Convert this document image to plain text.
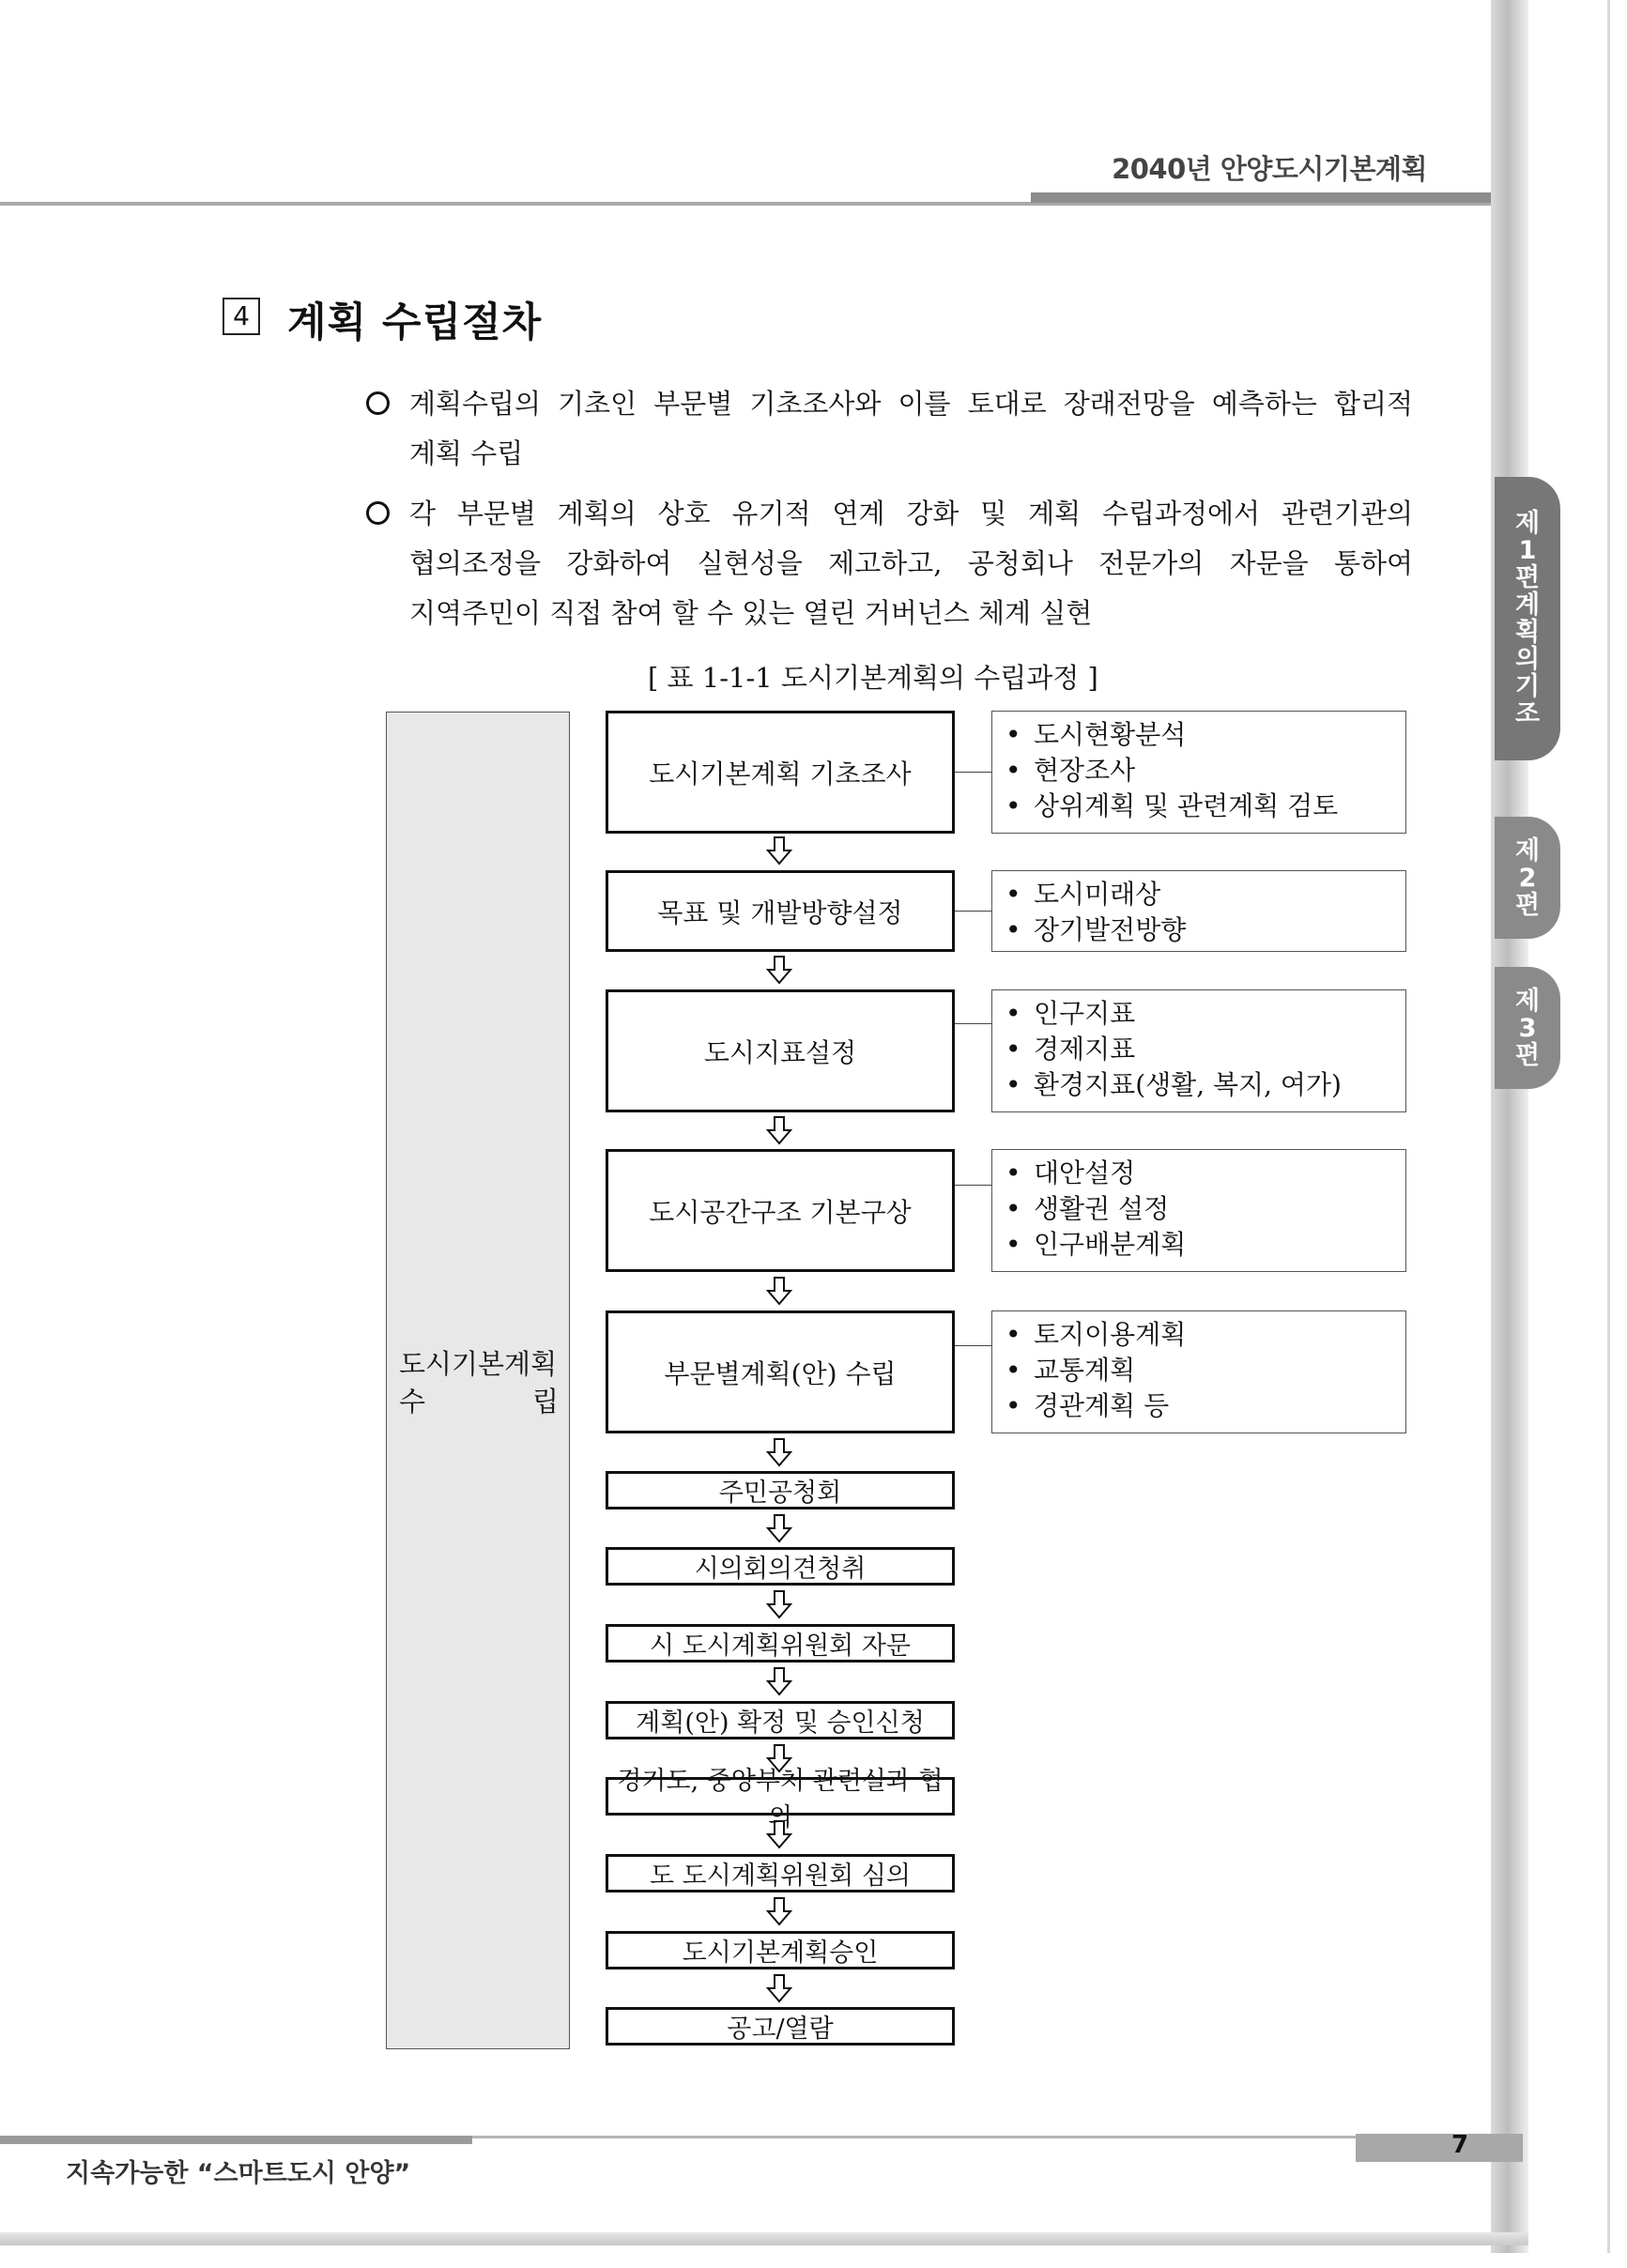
2040년 안양도시기본계획
4 계획 수립절차
계획수립의 기초인 부문별 기초조사와 이를 토대로 장래전망을 예측하는 합리적
계획 수립
각 부문별 계획의 상호 유기적 연계 강화 및 계획 수립과정에서 관련기관의
협의조정을 강화하여 실현성을 제고하고, 공청회나 전문가의 자문을 통하여
지역주민이 직접 참여 할 수 있는 열린 거버넌스 체계 실현
[ 표 1-1-1 도시기본계획의 수립과정 ]
도시기본계획
수	립
도시기본계획 기초조사
목표 및 개발방향설정
도시지표설정
도시공간구조 기본구상
부문별계획(안) 수립
주민공청회
시의회의견청취
시 도시계획위원회 자문
계획(안) 확정 및 승인신청
경기도, 중앙부처 관련실과 협의
도 도시계획위원회 심의
도시기본계획승인
공고/열람
• 도시현황분석
• 현장조사
• 상위계획 및 관련계획 검토
• 도시미래상
• 장기발전방향
• 인구지표
• 경제지표
• 환경지표(생활, 복지, 여가)
• 대안설정
• 생활권 설정
• 인구배분계획
• 토지이용계획
• 교통계획
• 경관계획 등
제
1
편
계
획
의
기
조
제
2
편
제
3
편
7
지속가능한 “스마트도시 안양”
